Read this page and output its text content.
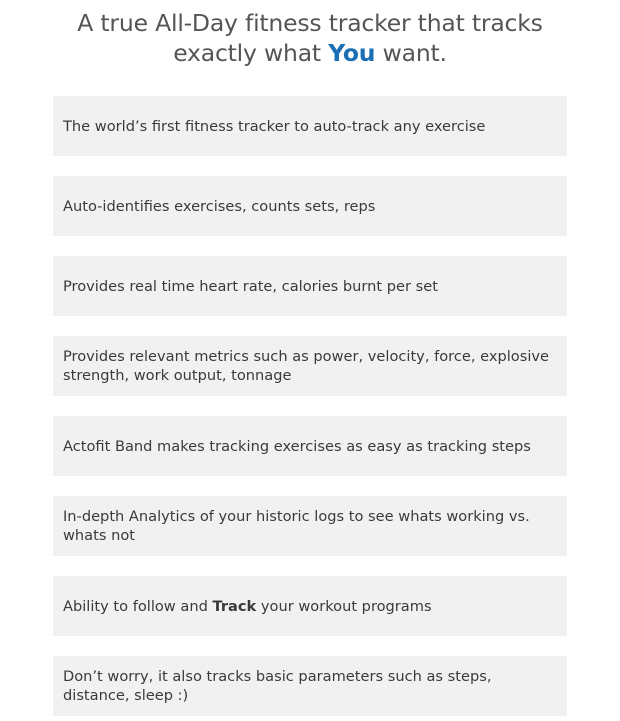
A true All-Day fitness tracker that tracks exactly what You want.
The world’s first fitness tracker to auto-track any exercise
Auto-identifies exercises, counts sets, reps
Provides real time heart rate, calories burnt per set
Provides relevant metrics such as power, velocity, force, explosive strength, work output, tonnage
Actofit Band makes tracking exercises as easy as tracking steps
In-depth Analytics of your historic logs to see whats working vs. whats not
Ability to follow and Track your workout programs
Don’t worry, it also tracks basic parameters such as steps, distance, sleep :)
